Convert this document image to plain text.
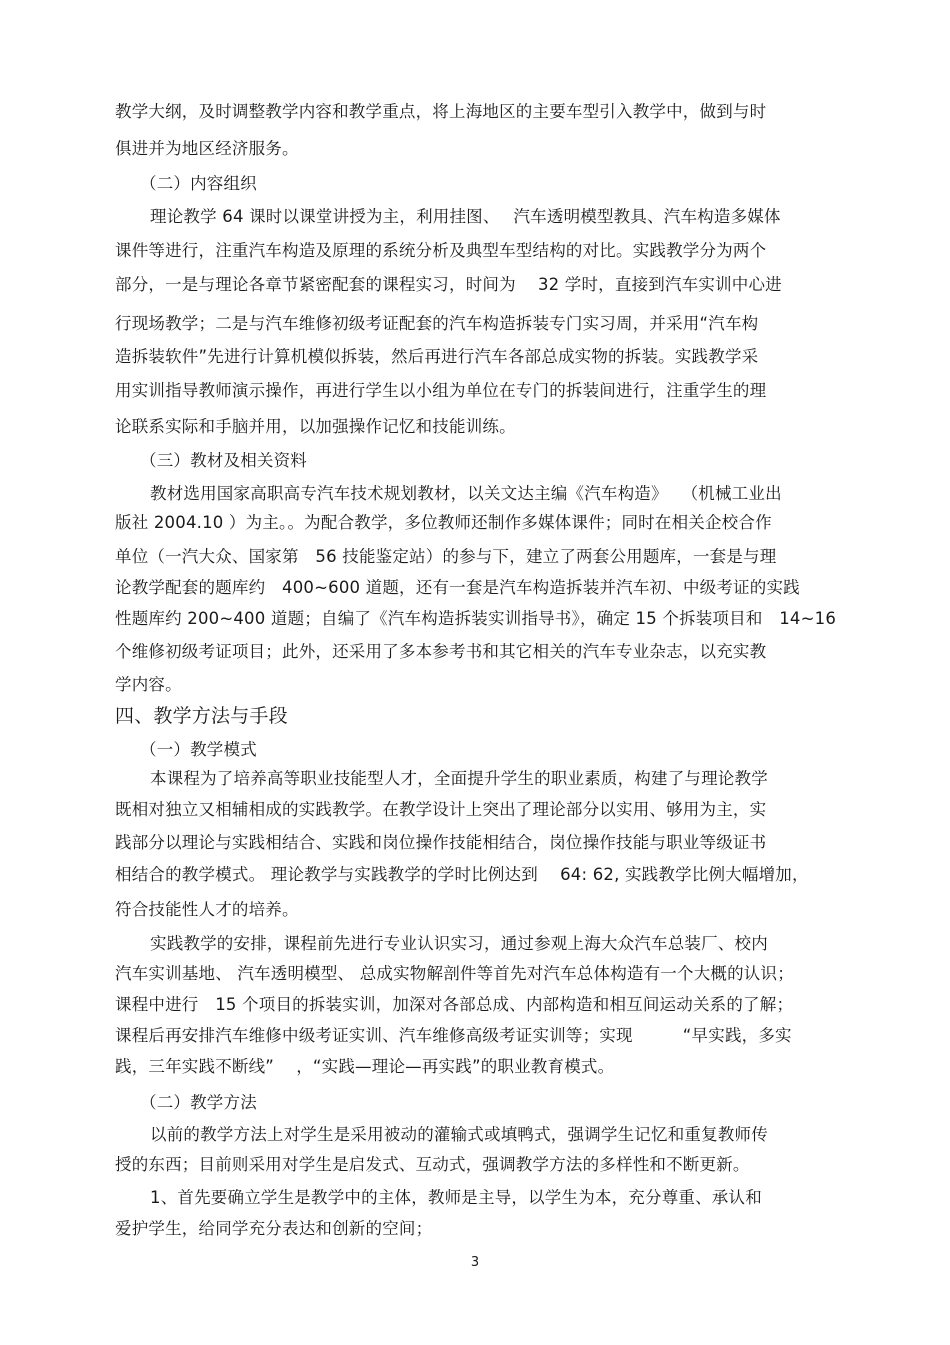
教学大纲，及时调整教学内容和教学重点，将上海地区的主要车型引入教学中，做到与时
俱进并为地区经济服务。
（二）内容组织
理论教学 64 课时以课堂讲授为主，利用挂图、　 汽车透明模型教具、汽车构造多媒体
课件等进行，注重汽车构造及原理的系统分析及典型车型结构的对比。实践教学分为两个
部分，一是与理论各章节紧密配套的课程实习，时间为　 32 学时，直接到汽车实训中心进
行现场教学；二是与汽车维修初级考证配套的汽车构造拆装专门实习周，并采用“汽车构
造拆装软件”先进行计算机模似拆装，然后再进行汽车各部总成实物的拆装。实践教学采
用实训指导教师演示操作，再进行学生以小组为单位在专门的拆装间进行，注重学生的理
论联系实际和手脑并用，以加强操作记忆和技能训练。
（三）教材及相关资料
教材选用国家高职高专汽车技术规划教材，以关文达主编《汽车构造》　 （机械工业出
版社 2004.10 ）为主。。为配合教学，多位教师还制作多媒体课件；同时在相关企校合作
单位（一汽大众、国家第　56 技能鉴定站）的参与下，建立了两套公用题库，一套是与理
论教学配套的题库约　400~600 道题，还有一套是汽车构造拆装并汽车初、中级考证的实践
性题库约 200~400 道题；自编了《汽车构造拆装实训指导书》，确定 15 个拆装项目和　14~16
个维修初级考证项目；此外，还采用了多本参考书和其它相关的汽车专业杂志，以充实教
学内容。
四、教学方法与手段
（一）教学模式
本课程为了培养高等职业技能型人才，全面提升学生的职业素质，构建了与理论教学
既相对独立又相辅相成的实践教学。在教学设计上突出了理论部分以实用、够用为主，实
践部分以理论与实践相结合、实践和岗位操作技能相结合，岗位操作技能与职业等级证书
相结合的教学模式。 理论教学与实践教学的学时比例达到　 64: 62, 实践教学比例大幅增加，
符合技能性人才的培养。
实践教学的安排，课程前先进行专业认识实习，通过参观上海大众汽车总装厂、校内
汽车实训基地、 汽车透明模型、 总成实物解剖件等首先对汽车总体构造有一个大概的认识；
课程中进行　15 个项目的拆装实训，加深对各部总成、内部构造和相互间运动关系的了解；
课程后再安排汽车维修中级考证实训、汽车维修高级考证实训等；实现　　　“早实践，多实
践，三年实践不断线”　 ，“实践—理论—再实践”的职业教育模式。
（二）教学方法
以前的教学方法上对学生是采用被动的灌输式或填鸭式，强调学生记忆和重复教师传
授的东西；目前则采用对学生是启发式、互动式，强调教学方法的多样性和不断更新。
1、首先要确立学生是教学中的主体，教师是主导，以学生为本，充分尊重、承认和
爱护学生，给同学充分表达和创新的空间；
3
